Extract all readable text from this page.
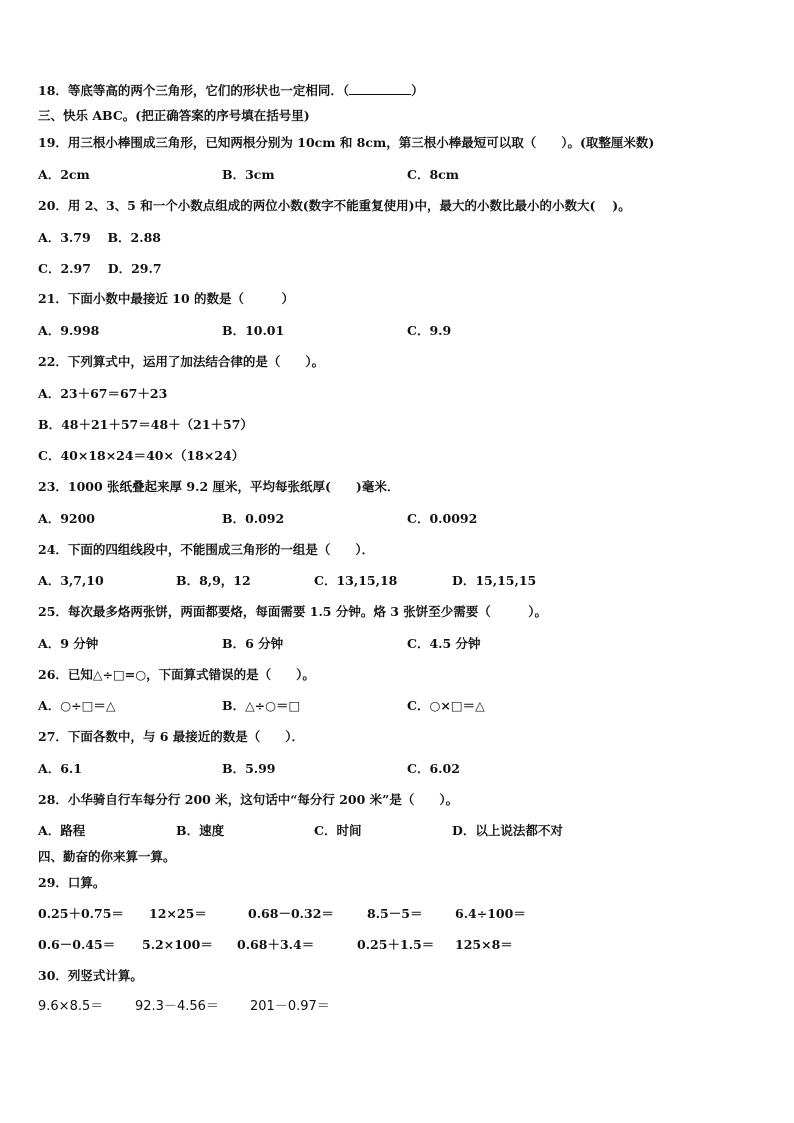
18．等底等高的两个三角形，它们的形状也一定相同．（	）
三、快乐 ABC。(把正确答案的序号填在括号里)
19．用三根小棒围成三角形，已知两根分别为 10cm 和 8cm，第三根小棒最短可以取（　　）。(取整厘米数)
A．2cm	B．3cm	C．8cm
20．用 2、3、5 和一个小数点组成的两位小数(数字不能重复使用)中，最大的小数比最小的小数大(　 )。
A．3.79　 B．2.88
C．2.97　 D．29.7
21．下面小数中最接近 10 的数是（　　　）
A．9.998	B．10.01	C．9.9
22．下列算式中，运用了加法结合律的是（　　）。
A．23＋67＝67＋23
B．48＋21＋57＝48＋（21＋57）
C．40×18×24＝40×（18×24）
23．1000 张纸叠起来厚 9.2 厘米，平均每张纸厚(　　)毫米．
A．9200	B．0.092	C．0.0092
24．下面的四组线段中，不能围成三角形的一组是（　　）．
A．3,7,10	B．8,9，12	C．13,15,18	D．15,15,15
25．每次最多烙两张饼，两面都要烙，每面需要 1.5 分钟。烙 3 张饼至少需要（　　　）。
A．9 分钟	B．6 分钟	C．4.5 分钟
26．已知△÷□=○，下面算式错误的是（　　）。
A．○÷□＝△	B．△÷○＝□	C．○×□＝△
27．下面各数中，与 6 最接近的数是（　　）．
A．6.1	B．5.99	C．6.02
28．小华骑自行车每分行 200 米，这句话中“每分行 200 米”是（　　）。
A．路程	B．速度	C．时间	D．以上说法都不对
四、勤奋的你来算一算。
29．口算。
0.25＋0.75＝ 12×25＝	0.68－0.32＝	8.5－5＝	6.4÷100＝
0.6－0.45＝ 5.2×100＝ 0.68＋3.4＝	0.25＋1.5＝ 125×8＝
30．列竖式计算。
9.6×8.5＝ 92.3－4.56＝ 201－0.97＝
